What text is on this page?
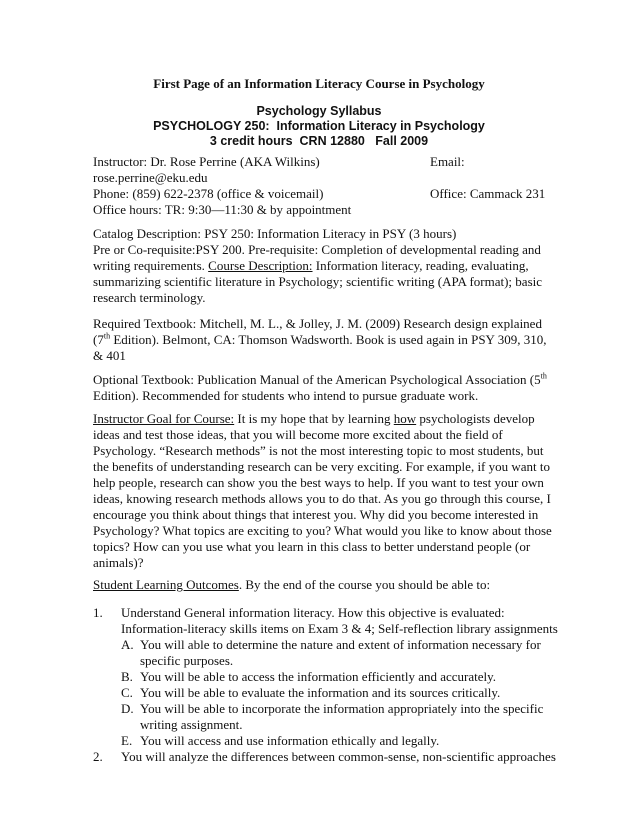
First Page of an Information Literacy Course in Psychology
Psychology Syllabus
PSYCHOLOGY 250:  Information Literacy in Psychology
3 credit hours  CRN 12880   Fall 2009
Instructor: Dr. Rose Perrine (AKA Wilkins)	Email:
rose.perrine@eku.edu
Phone: (859) 622-2378 (office & voicemail)	Office: Cammack 231
Office hours: TR: 9:30—11:30 & by appointment
Catalog Description: PSY 250: Information Literacy in PSY (3 hours)
Pre or Co-requisite:PSY 200. Pre-requisite: Completion of developmental reading and
writing requirements. Course Description: Information literacy, reading, evaluating,
summarizing scientific literature in Psychology; scientific writing (APA format); basic
research terminology.
Required Textbook: Mitchell, M. L., & Jolley, J. M. (2009) Research design explained
(7th Edition). Belmont, CA: Thomson Wadsworth. Book is used again in PSY 309, 310,
& 401
Optional Textbook: Publication Manual of the American Psychological Association (5th
Edition). Recommended for students who intend to pursue graduate work.
Instructor Goal for Course: It is my hope that by learning how psychologists develop
ideas and test those ideas, that you will become more excited about the field of
Psychology. “Research methods” is not the most interesting topic to most students, but
the benefits of understanding research can be very exciting. For example, if you want to
help people, research can show you the best ways to help. If you want to test your own
ideas, knowing research methods allows you to do that. As you go through this course, I
encourage you think about things that interest you. Why did you become interested in
Psychology? What topics are exciting to you? What would you like to know about those
topics? How can you use what you learn in this class to better understand people (or
animals)?
Student Learning Outcomes. By the end of the course you should be able to:
1. Understand General information literacy. How this objective is evaluated:
Information-literacy skills items on Exam 3 & 4; Self-reflection library assignments
A. You will able to determine the nature and extent of information necessary for
specific purposes.
B. You will be able to access the information efficiently and accurately.
C. You will be able to evaluate the information and its sources critically.
D. You will be able to incorporate the information appropriately into the specific
writing assignment.
E. You will access and use information ethically and legally.
2. You will analyze the differences between common-sense, non-scientific approaches
